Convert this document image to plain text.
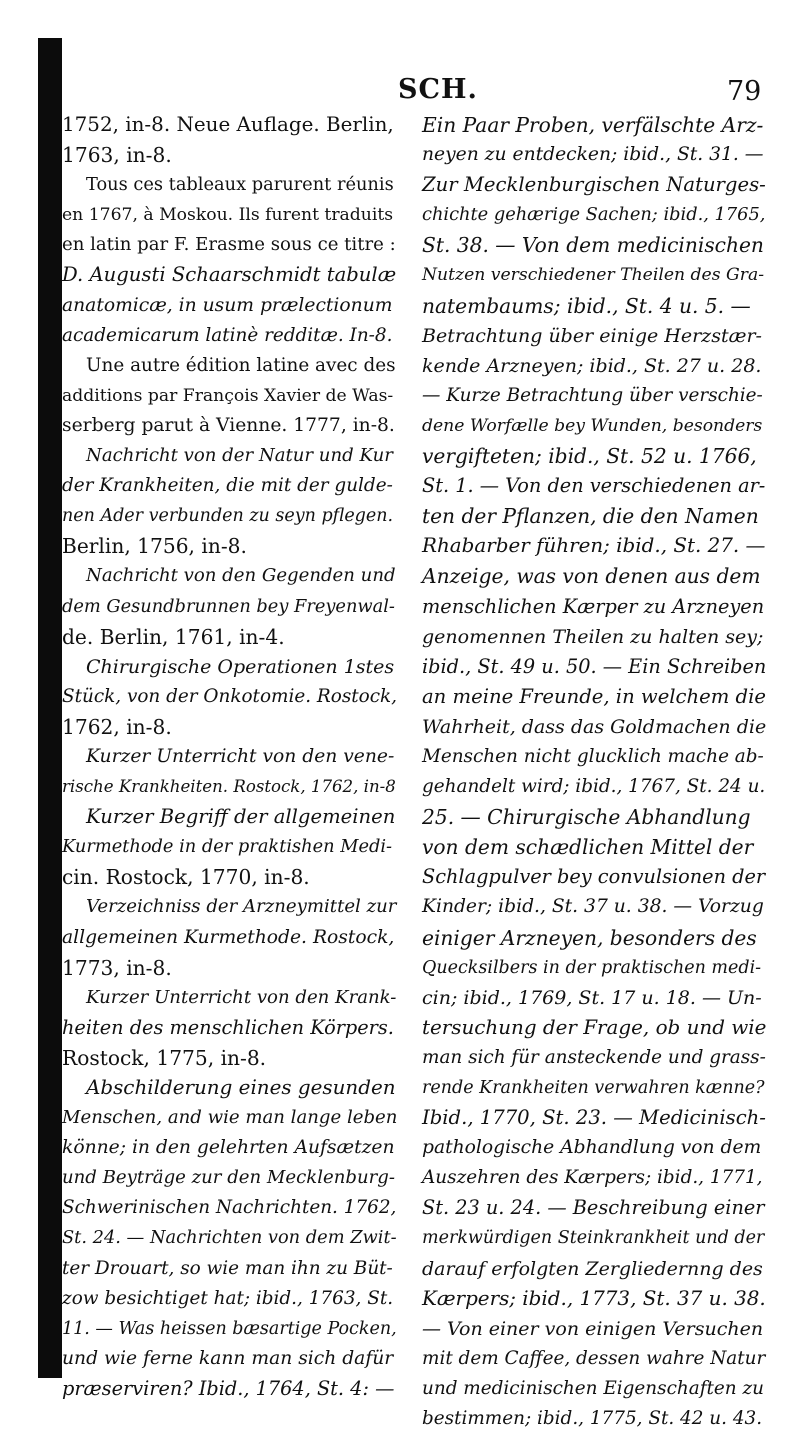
SCH.	79
1752, in-8. Neue Auflage. Berlin,
1763, in-8.
Tous ces tableaux parurent réunis
en 1767, à Moskou. Ils furent traduits
en latin par F. Erasme sous ce titre :
D. Augusti Schaarschmidt tabulæ
anatomicæ, in usum prælectionum
academicarum latinè redditæ. In-8.
Une autre édition latine avec des
additions par François Xavier de Was-
serberg parut à Vienne. 1777, in-8.
Nachricht von der Natur und Kur
der Krankheiten, die mit der gulde-
nen Ader verbunden zu seyn pflegen.
Berlin, 1756, in-8.
Nachricht von den Gegenden und
dem Gesundbrunnen bey Freyenwal-
de. Berlin, 1761, in-4.
Chirurgische Operationen 1stes
Stück, von der Onkotomie. Rostock,
1762, in-8.
Kurzer Unterricht von den vene-
rische Krankheiten. Rostock, 1762, in-8
Kurzer Begriff der allgemeinen
Kurmethode in der praktishen Medi-
cin. Rostock, 1770, in-8.
Verzeichniss der Arzneymittel zur
allgemeinen Kurmethode. Rostock,
1773, in-8.
Kurzer Unterricht von den Krank-
heiten des menschlichen Körpers.
Rostock, 1775, in-8.
Abschilderung eines gesunden
Menschen, and wie man lange leben
könne; in den gelehrten Aufsætzen
und Beyträge zur den Mecklenburg-
Schwerinischen Nachrichten. 1762,
St. 24. — Nachrichten von dem Zwit-
ter Drouart, so wie man ihn zu Büt-
zow besichtiget hat; ibid., 1763, St.
11. — Was heissen bæsartige Pocken,
und wie ferne kann man sich dafür
præserviren? Ibid., 1764, St. 4: —
Ein Paar Proben, verfälschte Arz-
neyen zu entdecken; ibid., St. 31. —
Zur Mecklenburgischen Naturges-
chichte gehærige Sachen; ibid., 1765,
St. 38. — Von dem medicinischen
Nutzen verschiedener Theilen des Gra-
natembaums; ibid., St. 4 u. 5. —
Betrachtung über einige Herzstær-
kende Arzneyen; ibid., St. 27 u. 28.
— Kurze Betrachtung über verschie-
dene Worfælle bey Wunden, besonders
vergifteten; ibid., St. 52 u. 1766,
St. 1. — Von den verschiedenen ar-
ten der Pflanzen, die den Namen
Rhabarber führen; ibid., St. 27. —
Anzeige, was von denen aus dem
menschlichen Kærper zu Arzneyen
genomennen Theilen zu halten sey;
ibid., St. 49 u. 50. — Ein Schreiben
an meine Freunde, in welchem die
Wahrheit, dass das Goldmachen die
Menschen nicht glucklich mache ab-
gehandelt wird; ibid., 1767, St. 24 u.
25. — Chirurgische Abhandlung
von dem schædlichen Mittel der
Schlagpulver bey convulsionen der
Kinder; ibid., St. 37 u. 38. — Vorzug
einiger Arzneyen, besonders des
Quecksilbers in der praktischen medi-
cin; ibid., 1769, St. 17 u. 18. — Un-
tersuchung der Frage, ob und wie
man sich für ansteckende und grass-
rende Krankheiten verwahren kænne?
Ibid., 1770, St. 23. — Medicinisch-
pathologische Abhandlung von dem
Auszehren des Kærpers; ibid., 1771,
St. 23 u. 24. — Beschreibung einer
merkwürdigen Steinkrankheit und der
darauf erfolgten Zergliedernng des
Kærpers; ibid., 1773, St. 37 u. 38.
— Von einer von einigen Versuchen
mit dem Caffee, dessen wahre Natur
und medicinischen Eigenschaften zu
bestimmen; ibid., 1775, St. 42 u. 43.
